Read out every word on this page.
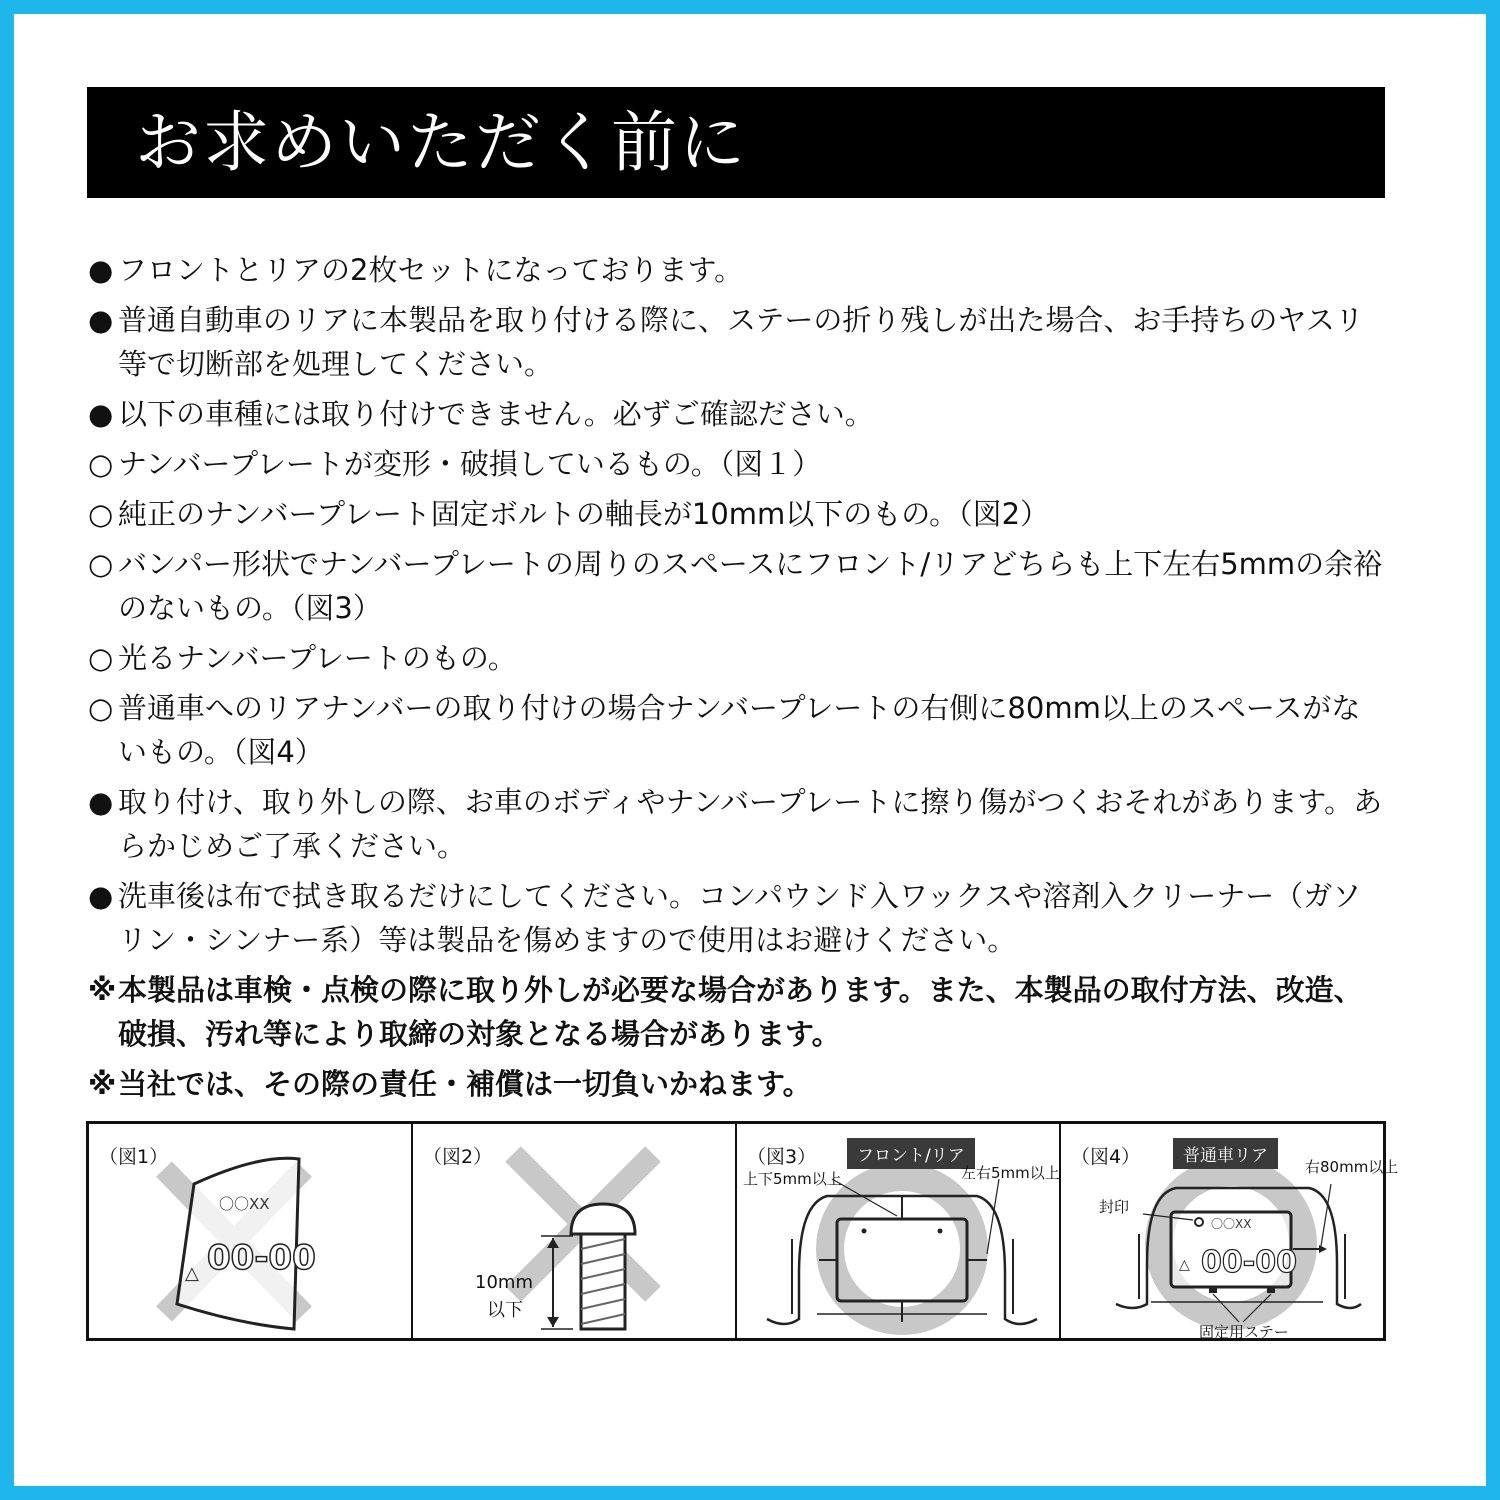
お求めいただく前に
● フロントとリアの2枚セットになっております。
● 普通自動車のリアに本製品を取り付ける際に、ステーの折り残しが出た場合、お手持ちのヤスリ等で切断部を処理してください。
● 以下の車種には取り付けできません。必ずご確認ださい。
○ ナンバープレートが変形・破損しているもの。（図１）
○ 純正のナンバープレート固定ボルトの軸長が10mm以下のもの。（図2）
○ バンパー形状でナンバープレートの周りのスペースにフロント/リアどちらも上下左右5mmの余裕のないもの。（図3）
○ 光るナンバープレートのもの。
○ 普通車へのリアナンバーの取り付けの場合ナンバープレートの右側に80mm以上のスペースがないもの。（図4）
● 取り付け、取り外しの際、お車のボディやナンバープレートに擦り傷がつくおそれがあります。あらかじめご了承ください。
● 洗車後は布で拭き取るだけにしてください。コンパウンド入ワックスや溶剤入クリーナー（ガソリン・シンナー系）等は製品を傷めますので使用はお避けください。
※ 本製品は車検・点検の際に取り外しが必要な場合があります。また、本製品の取付方法、改造、破損、汚れ等により取締の対象となる場合があります。
※ 当社では、その際の責任・補償は一切負いかねます。
〇〇XX
00-00
△
（図1）	（図2）
10mm
以下
（図3）	フロント/リア
上下5mm以上	左右5mm以上
〇〇XX
00-00
△
（図4）	普通車リア
右80mm以上
封印
固定用ステー
